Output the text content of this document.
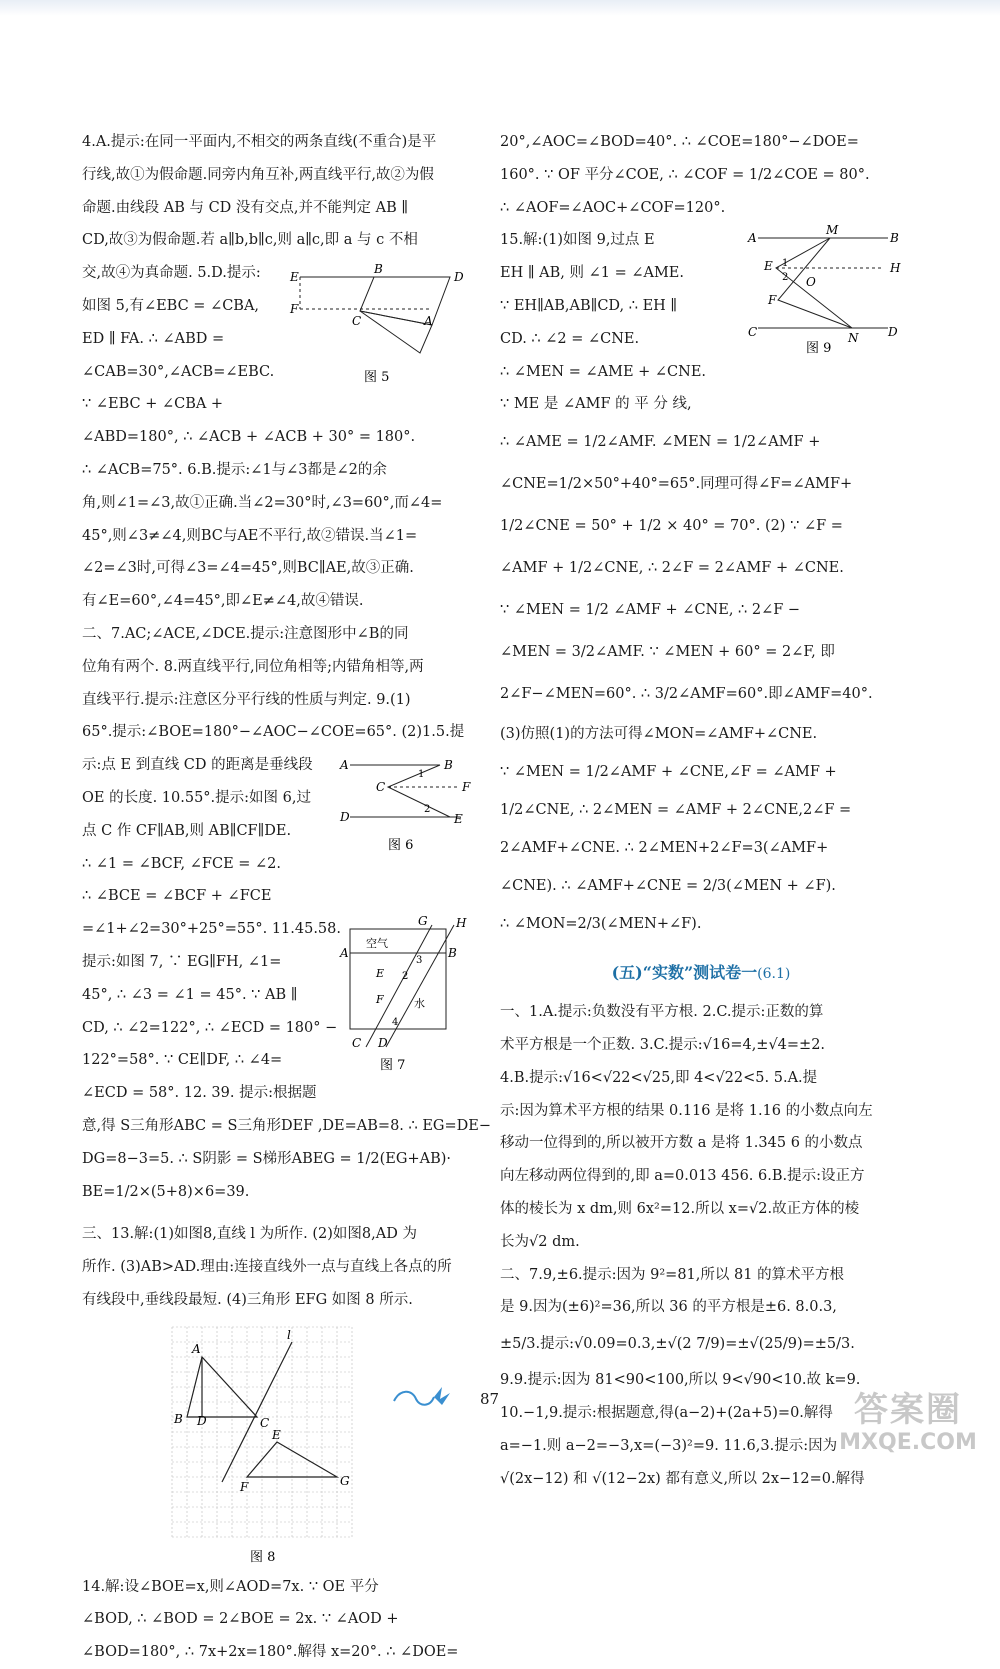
4.A.提示:在同一平面内,不相交的两条直线(不重合)是平
行线,故①为假命题.同旁内角互补,两直线平行,故②为假
命题.由线段 AB 与 CD 没有交点,并不能判定 AB ∥
CD,故③为假命题.若 a∥b,b∥c,则 a∥c,即 a 与 c 不相
交,故④为真命题. 5.D.提示: E
B
D
F
C	A
图 5
如图 5,有∠EBC = ∠CBA,
ED ∥ FA. ∴ ∠ABD =
∠CAB=30°,∠ACB=∠EBC.
∵ ∠EBC + ∠CBA +
∠ABD=180°, ∴ ∠ACB + ∠ACB + 30° = 180°.
∴ ∠ACB=75°. 6.B.提示:∠1与∠3都是∠2的余
角,则∠1=∠3,故①正确.当∠2=30°时,∠3=60°,而∠4=
45°,则∠3≠∠4,则BC与AE不平行,故②错误.当∠1=
∠2=∠3时,可得∠3=∠4=45°,则BC∥AE,故③正确.
有∠E=60°,∠4=45°,即∠E≠∠4,故④错误.
二、7.AC;∠ACE,∠DCE.提示:注意图形中∠B的同
位角有两个. 8.两直线平行,同位角相等;内错角相等,两
直线平行.提示:注意区分平行线的性质与判定. 9.(1)
65°.提示:∠BOE=180°−∠AOC−∠COE=65°. (2)1.5.提
示:点 E 到直线 CD 的距离是垂线段 A	B
C	F
D	E
1
2
图 6
OE 的长度. 10.55°.提示:如图 6,过
点 C 作 CF∥AB,则 AB∥CF∥DE.
∴ ∠1 = ∠BCF, ∠FCE = ∠2.
∴ ∠BCE = ∠BCF + ∠FCE
=∠1+∠2=30°+25°=55°. 11.45.58.	G H
A	B
空气
水
E
F
2
3
4
C D
图 7
提示:如图 7, ∵ EG∥FH, ∠1=
45°, ∴ ∠3 = ∠1 = 45°. ∵ AB ∥
CD, ∴ ∠2=122°, ∴ ∠ECD = 180° −
122°=58°. ∵ CE∥DF, ∴ ∠4=
∠ECD = 58°. 12. 39. 提示:根据题
意,得 S三角形ABC = S三角形DEF ,DE=AB=8. ∴ EG=DE−
DG=8−3=5. ∴ S阴影 = S梯形ABEG = 1/2(EG+AB)·
BE=1/2×(5+8)×6=39.
三、13.解:(1)如图8,直线 l 为所作. (2)如图8,AD 为
所作. (3)AB>AD.理由:连接直线外一点与直线上各点的所
有线段中,垂线段最短. (4)三角形 EFG 如图 8 所示.
A
B D	C
l
E
F	G
图 8
14.解:设∠BOE=x,则∠AOD=7x. ∵ OE 平分
∠BOD, ∴ ∠BOD = 2∠BOE = 2x. ∵ ∠AOD +
∠BOD=180°, ∴ 7x+2x=180°.解得 x=20°. ∴ ∠DOE=
20°,∠AOC=∠BOD=40°. ∴ ∠COE=180°−∠DOE=
160°. ∵ OF 平分∠COE, ∴ ∠COF = 1/2∠COE = 80°.
∴ ∠AOF=∠AOC+∠COF=120°.
15.解:(1)如图 9,过点 E	A
M
B
E	H
O
F
C	N D
1
2
图 9
EH ∥ AB, 则 ∠1 = ∠AME.
∵ EH∥AB,AB∥CD, ∴ EH ∥
CD. ∴ ∠2 = ∠CNE.
∴ ∠MEN = ∠AME + ∠CNE.
∵ ME 是 ∠AMF 的 平 分 线,
∴ ∠AME = 1/2∠AMF. ∠MEN = 1/2∠AMF +
∠CNE=1/2×50°+40°=65°.同理可得∠F=∠AMF+
1/2∠CNE = 50° + 1/2 × 40° = 70°. (2) ∵ ∠F =
∠AMF + 1/2∠CNE, ∴ 2∠F = 2∠AMF + ∠CNE.
∵ ∠MEN = 1/2 ∠AMF + ∠CNE, ∴ 2∠F −
∠MEN = 3/2∠AMF. ∵ ∠MEN + 60° = 2∠F, 即
2∠F−∠MEN=60°. ∴ 3/2∠AMF=60°.即∠AMF=40°.
(3)仿照(1)的方法可得∠MON=∠AMF+∠CNE.
∵ ∠MEN = 1/2∠AMF + ∠CNE,∠F = ∠AMF +
1/2∠CNE, ∴ 2∠MEN = ∠AMF + 2∠CNE,2∠F =
2∠AMF+∠CNE. ∴ 2∠MEN+2∠F=3(∠AMF+
∠CNE). ∴ ∠AMF+∠CNE = 2/3(∠MEN + ∠F).
∴ ∠MON=2/3(∠MEN+∠F).
(五)“实数”测试卷一(6.1)
一、1.A.提示:负数没有平方根. 2.C.提示:正数的算
术平方根是一个正数. 3.C.提示:√16=4,±√4=±2.
4.B.提示:√16<√22<√25,即 4<√22<5. 5.A.提
示:因为算术平方根的结果 0.116 是将 1.16 的小数点向左
移动一位得到的,所以被开方数 a 是将 1.345 6 的小数点
向左移动两位得到的,即 a=0.013 456. 6.B.提示:设正方
体的棱长为 x dm,则 6x²=12.所以 x=√2.故正方体的棱
长为√2 dm.
二、7.9,±6.提示:因为 9²=81,所以 81 的算术平方根
是 9.因为(±6)²=36,所以 36 的平方根是±6. 8.0.3,
±5/3.提示:√0.09=0.3,±√(2 7/9)=±√(25/9)=±5/3.
9.9.提示:因为 81<90<100,所以 9<√90<10.故 k=9.
10.−1,9.提示:根据题意,得(a−2)+(2a+5)=0.解得
a=−1.则 a−2=−3,x=(−3)²=9. 11.6,3.提示:因为
√(2x−12) 和 √(12−2x) 都有意义,所以 2x−12=0.解得
87	答案圈
MXQE.COM
